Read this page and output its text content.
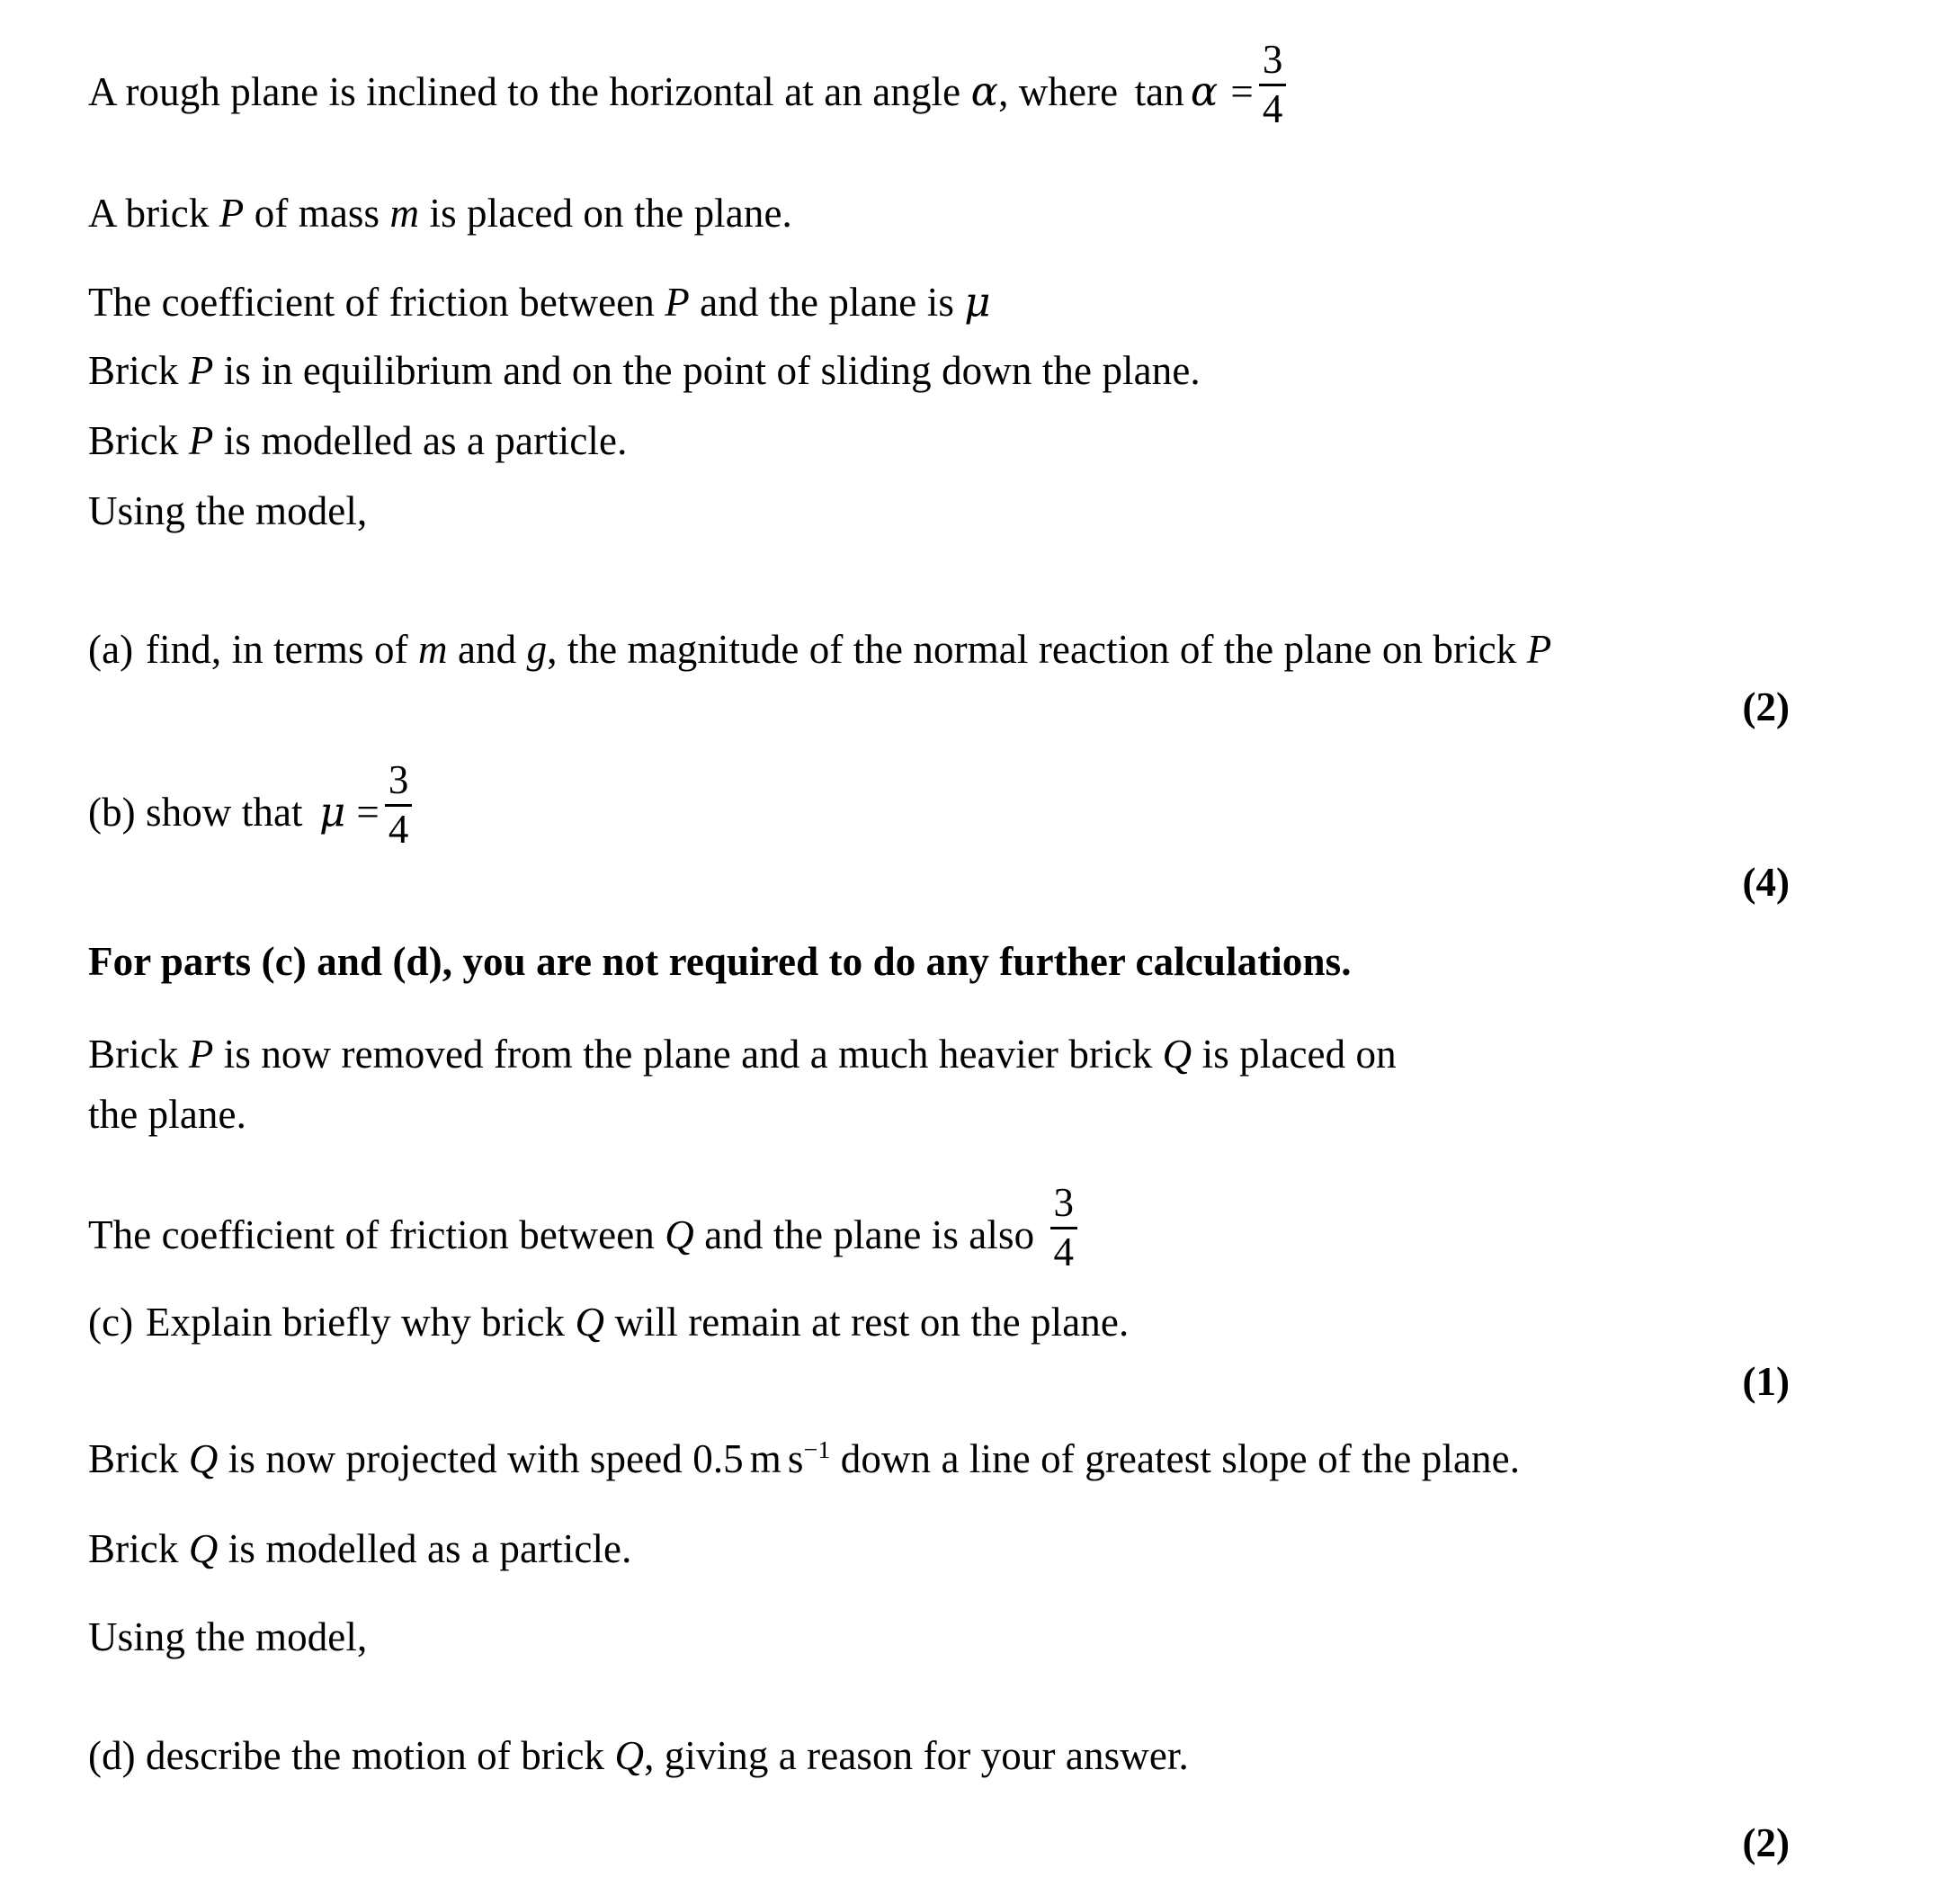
A rough plane is inclined to the horizontal at an angle α, where $\tan \alpha = \frac{3}{4}$
A brick P of mass m is placed on the plane.
The coefficient of friction between P and the plane is μ
Brick P is in equilibrium and on the point of sliding down the plane.
Brick P is modelled as a particle.
Using the model,
(a) find, in terms of m and g, the magnitude of the normal reaction of the plane on brick P
(2)
(b) show that $\mu = \frac{3}{4}$
(4)
For parts (c) and (d), you are not required to do any further calculations.
Brick P is now removed from the plane and a much heavier brick Q is placed on
the plane.
The coefficient of friction between Q and the plane is also $\frac{3}{4}$
(c) Explain briefly why brick Q will remain at rest on the plane.
(1)
Brick Q is now projected with speed 0.5 m $s^{-1}$ down a line of greatest slope of the plane.
Brick Q is modelled as a particle.
Using the model,
(d) describe the motion of brick Q, giving a reason for your answer.
(2)
